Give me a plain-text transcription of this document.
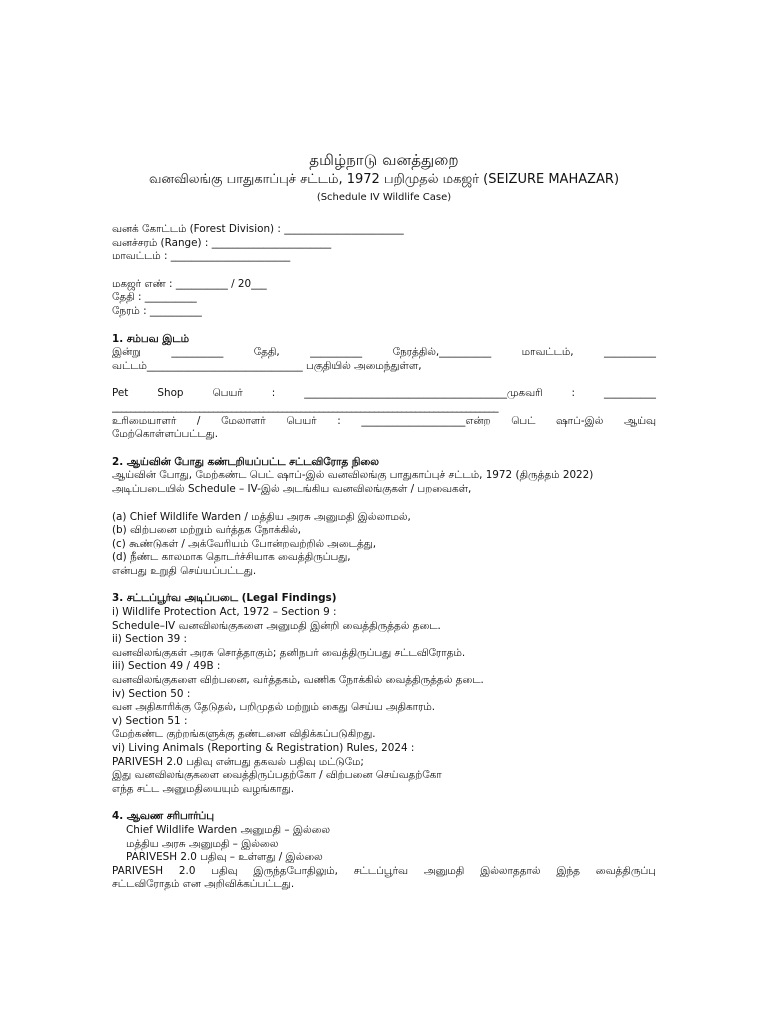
தமிழ்நாடு வனத்துறை
வனவிலங்கு பாதுகாப்புச் சட்டம், 1972 பறிமுதல் மகஜர் (SEIZURE MAHAZAR)
(Schedule IV Wildlife Case)
வனக் கோட்டம் (Forest Division) : _______________________
வனச்சரம் (Range) : _______________________
மாவட்டம் : _______________________
மகஜர் எண் : __________ / 20___
தேதி : __________
நேரம் : __________
1. சம்பவ இடம்
இன்று	__________	தேதி,	__________	நேரத்தில்,__________	மாவட்டம்,	__________
வட்டம்______________________________ பகுதியில் அமைந்துள்ள,
Pet	Shop	பெயர்	:	_______________________________________முகவரி	:	__________
____________________________________________________________________________________
உரிமையாளர் / மேலாளர் பெயர் : ____________________என்ற பெட் ஷாப்-இல் ஆய்வு
மேற்கொள்ளப்பட்டது.
2. ஆய்வின் போது கண்டறியப்பட்ட சட்டவிரோத நிலை
ஆய்வின் போது, மேற்கண்ட பெட் ஷாப்-இல் வனவிலங்கு பாதுகாப்புச் சட்டம், 1972 (திருத்தம் 2022)
அடிப்படையில் Schedule – IV-இல் அடங்கிய வனவிலங்குகள் / பறவைகள்,
(a) Chief Wildlife Warden / மத்திய அரசு அனுமதி இல்லாமல்,
(b) விற்பனை மற்றும் வர்த்தக நோக்கில்,
(c) கூண்டுகள் / அக்வேரியம் போன்றவற்றில் அடைத்து,
(d) நீண்ட காலமாக தொடர்ச்சியாக வைத்திருப்பது,
என்பது உறுதி செய்யப்பட்டது.
3. சட்டப்பூர்வ அடிப்படை (Legal Findings)
i) Wildlife Protection Act, 1972 – Section 9 :
Schedule–IV வனவிலங்குகளை அனுமதி இன்றி வைத்திருத்தல் தடை.
ii) Section 39 :
வனவிலங்குகள் அரசு சொத்தாகும்; தனிநபர் வைத்திருப்பது சட்டவிரோதம்.
iii) Section 49 / 49B :
வனவிலங்குகளை விற்பனை, வர்த்தகம், வணிக நோக்கில் வைத்திருத்தல் தடை.
iv) Section 50 :
வன அதிகாரிக்கு தேடுதல், பறிமுதல் மற்றும் கைது செய்ய அதிகாரம்.
v) Section 51 :
மேற்கண்ட குற்றங்களுக்கு தண்டனை விதிக்கப்படுகிறது.
vi) Living Animals (Reporting & Registration) Rules, 2024 :
PARIVESH 2.0 பதிவு என்பது தகவல் பதிவு மட்டுமே;
இது வனவிலங்குகளை வைத்திருப்பதற்கோ / விற்பனை செய்வதற்கோ
எந்த சட்ட அனுமதியையும் வழங்காது.
4. ஆவண சரிபார்ப்பு
Chief Wildlife Warden அனுமதி – இல்லை
மத்திய அரசு அனுமதி – இல்லை
PARIVESH 2.0 பதிவு – உள்ளது / இல்லை
PARIVESH 2.0 பதிவு இருந்தபோதிலும், சட்டப்பூர்வ அனுமதி இல்லாததால் இந்த வைத்திருப்பு
சட்டவிரோதம் என அறிவிக்கப்பட்டது.
